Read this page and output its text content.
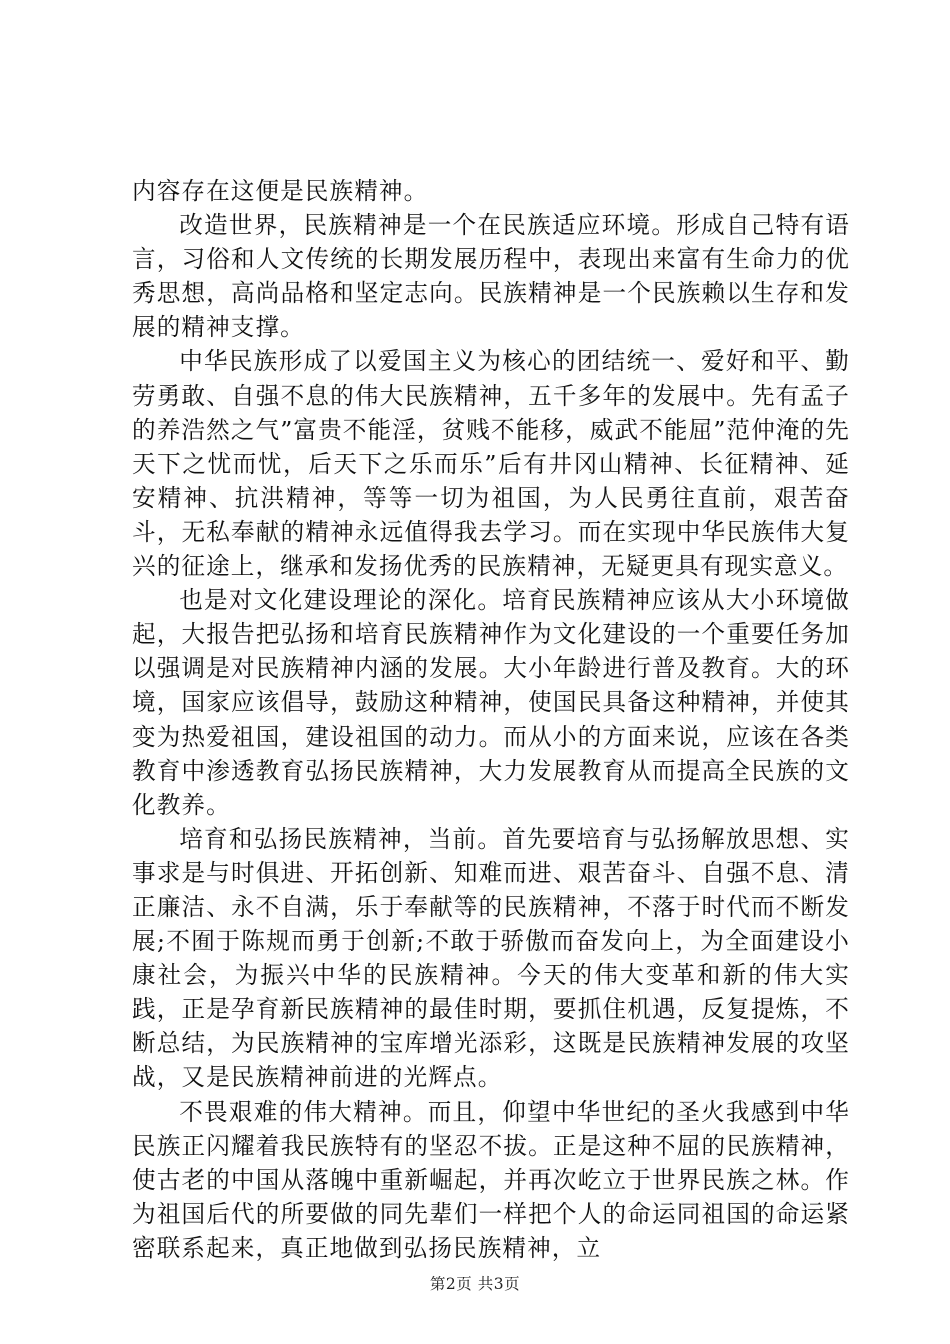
内容存在这便是民族精神。

改造世界，民族精神是一个在民族适应环境。形成自己特有语言，习俗和人文传统的长期发展历程中，表现出来富有生命力的优秀思想，高尚品格和坚定志向。民族精神是一个民族赖以生存和发展的精神支撑。

中华民族形成了以爱国主义为核心的团结统一、爱好和平、勤劳勇敢、自强不息的伟大民族精神，五千多年的发展中。先有孟子的养浩然之气”富贵不能淫，贫贱不能移，威武不能屈”范仲淹的先天下之忧而忧，后天下之乐而乐”后有井冈山精神、长征精神、延安精神、抗洪精神，等等一切为祖国，为人民勇往直前，艰苦奋斗，无私奉献的精神永远值得我去学习。而在实现中华民族伟大复兴的征途上，继承和发扬优秀的民族精神，无疑更具有现实意义。

也是对文化建设理论的深化。培育民族精神应该从大小环境做起，大报告把弘扬和培育民族精神作为文化建设的一个重要任务加以强调是对民族精神内涵的发展。大小年龄进行普及教育。大的环境，国家应该倡导，鼓励这种精神，使国民具备这种精神，并使其变为热爱祖国，建设祖国的动力。而从小的方面来说，应该在各类教育中渗透教育弘扬民族精神，大力发展教育从而提高全民族的文化教养。

培育和弘扬民族精神，当前。首先要培育与弘扬解放思想、实事求是与时俱进、开拓创新、知难而进、艰苦奋斗、自强不息、清正廉洁、永不自满，乐于奉献等的民族精神，不落于时代而不断发展;不囿于陈规而勇于创新;不敢于骄傲而奋发向上，为全面建设小康社会，为振兴中华的民族精神。今天的伟大变革和新的伟大实践，正是孕育新民族精神的最佳时期，要抓住机遇，反复提炼，不断总结，为民族精神的宝库增光添彩，这既是民族精神发展的攻坚战，又是民族精神前进的光辉点。

不畏艰难的伟大精神。而且，仰望中华世纪的圣火我感到中华民族正闪耀着我民族特有的坚忍不拔。正是这种不屈的民族精神，使古老的中国从落魄中重新崛起，并再次屹立于世界民族之林。作为祖国后代的所要做的同先辈们一样把个人的命运同祖国的命运紧密联系起来，真正地做到弘扬民族精神，立

第2页 共3页
